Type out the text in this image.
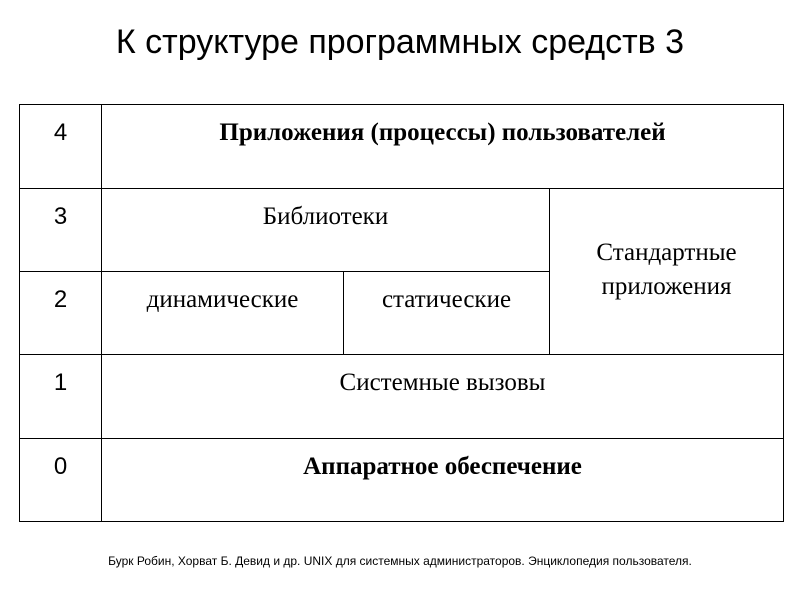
К структуре программных средств 3
4	Приложения (процессы) пользователей		
3	Библиотеки		Стандартные
приложения
2	динамические	статические	
1	Системные вызовы		
0	Аппаратное обеспечение		
Бурк Робин, Хорват Б. Девид и др. UNIX для системных администраторов. Энциклопедия пользователя.
